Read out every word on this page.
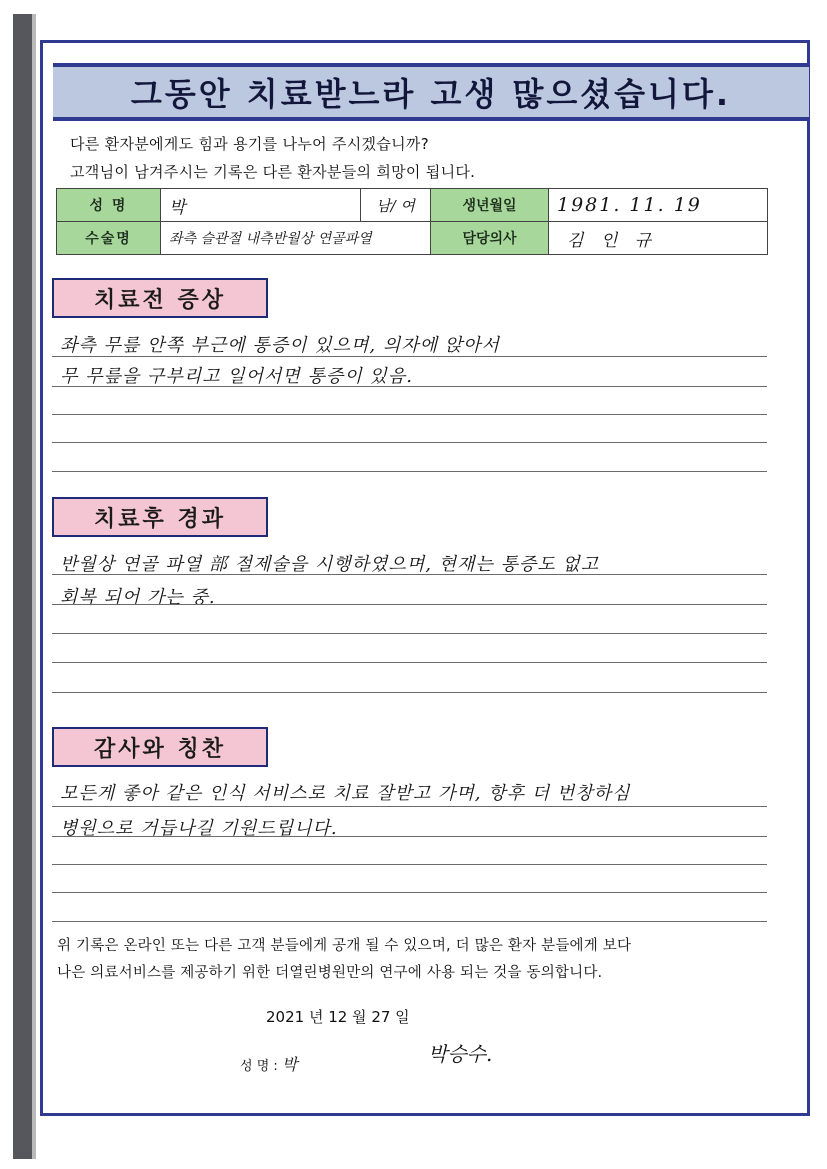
그동안 치료받느라 고생 많으셨습니다.
다른 환자분에게도 힘과 용기를 나누어 주시겠습니까?
고객님이 남겨주시는 기록은 다른 환자분들의 희망이 됩니다.
성 명	박	남/ 여	생년월일	1981. 11. 19
수술명	좌측 슬관절 내측반월상 연골파열		담당의사	김 인 규
치료전 증상
좌측 무릎 안쪽 부근에 통증이 있으며, 의자에 앉아서
무 무릎을 구부리고 일어서면 통증이 있음.
치료후 경과
반월상 연골 파열 部 절제술을 시행하였으며, 현재는 통증도 없고
회복 되어 가는 중.
감사와 칭찬
모든게 좋아 같은 인식 서비스로 치료 잘받고 가며, 항후 더 번창하심
병원으로 거듭나길 기원드립니다.
위 기록은 온라인 또는 다른 고객 분들에게 공개 될 수 있으며, 더 많은 환자 분들에게 보다
나은 의료서비스를 제공하기 위한 더열린병원만의 연구에 사용 되는 것을 동의합니다.
2021 년 12 월 27 일
성 명 : 박	박승수.
